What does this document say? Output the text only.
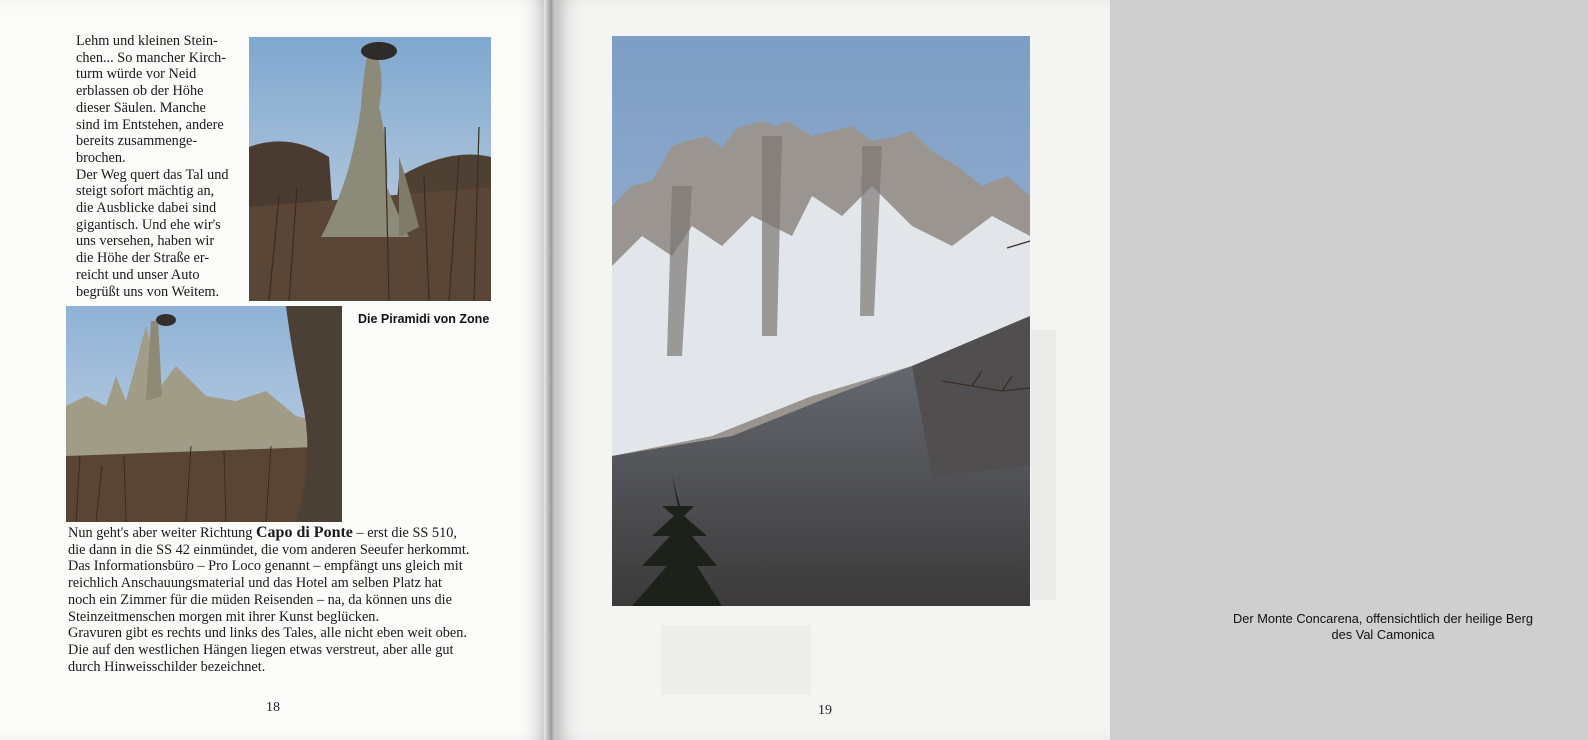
Lehm und kleinen Stein-
chen... So mancher Kirch-
turm würde vor Neid
erblassen ob der Höhe
dieser Säulen. Manche
sind im Entstehen, andere
bereits zusammenge-
brochen.
Der Weg quert das Tal und
steigt sofort mächtig an,
die Ausblicke dabei sind
gigantisch. Und ehe wir's
uns versehen, haben wir
die Höhe der Straße er-
reicht und unser Auto
begrüßt uns von Weitem.

Die Piramidi von Zone

Nun geht's aber weiter Richtung Capo di Ponte – erst die SS 510,
die dann in die SS 42 einmündet, die vom anderen Seeufer herkommt.
Das Informationsbüro – Pro Loco genannt – empfängt uns gleich mit
reichlich Anschauungsmaterial und das Hotel am selben Platz hat
noch ein Zimmer für die müden Reisenden – na, da können uns die
Steinzeitmenschen morgen mit ihrer Kunst beglücken.
Gravuren gibt es rechts und links des Tales, alle nicht eben weit oben.
Die auf den westlichen Hängen liegen etwas verstreut, aber alle gut
durch Hinweisschilder bezeichnet.

18
Der Monte Concarena, offensichtlich der heilige Berg
des Val Camonica
19
